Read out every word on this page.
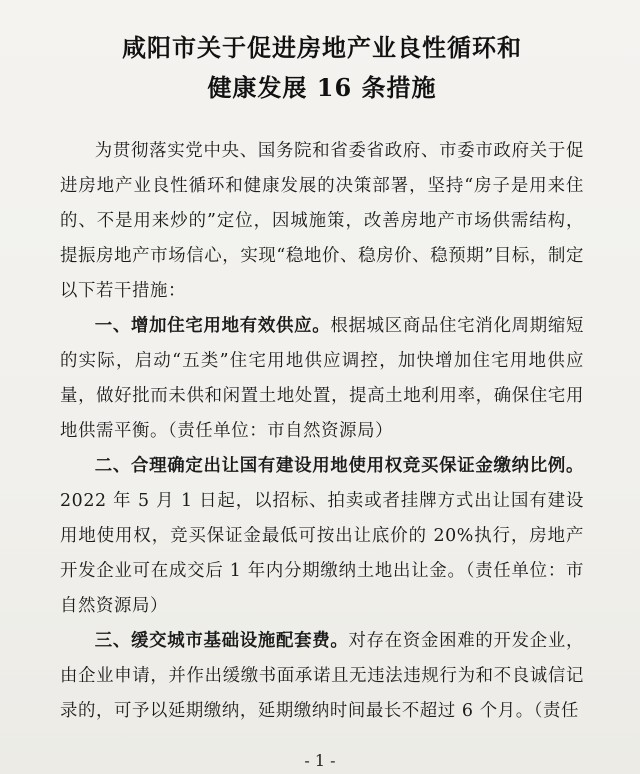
咸阳市关于促进房地产业良性循环和
健康发展 16 条措施

为贯彻落实党中央、国务院和省委省政府、市委市政府关于促进房地产业良性循环和健康发展的决策部署，坚持“房子是用来住的、不是用来炒的”定位，因城施策，改善房地产市场供需结构，提振房地产市场信心，实现“稳地价、稳房价、稳预期”目标，制定以下若干措施：

一、增加住宅用地有效供应。根据城区商品住宅消化周期缩短的实际，启动“五类”住宅用地供应调控，加快增加住宅用地供应量，做好批而未供和闲置土地处置，提高土地利用率，确保住宅用地供需平衡。（责任单位：市自然资源局）

二、合理确定出让国有建设用地使用权竞买保证金缴纳比例。2022 年 5 月 1 日起，以招标、拍卖或者挂牌方式出让国有建设用地使用权，竞买保证金最低可按出让底价的 20%执行，房地产开发企业可在成交后 1 年内分期缴纳土地出让金。（责任单位：市自然资源局）

三、缓交城市基础设施配套费。对存在资金困难的开发企业，由企业申请，并作出缓缴书面承诺且无违法违规行为和不良诚信记录的，可予以延期缴纳，延期缴纳时间最长不超过 6 个月。（责任

- 1 -
